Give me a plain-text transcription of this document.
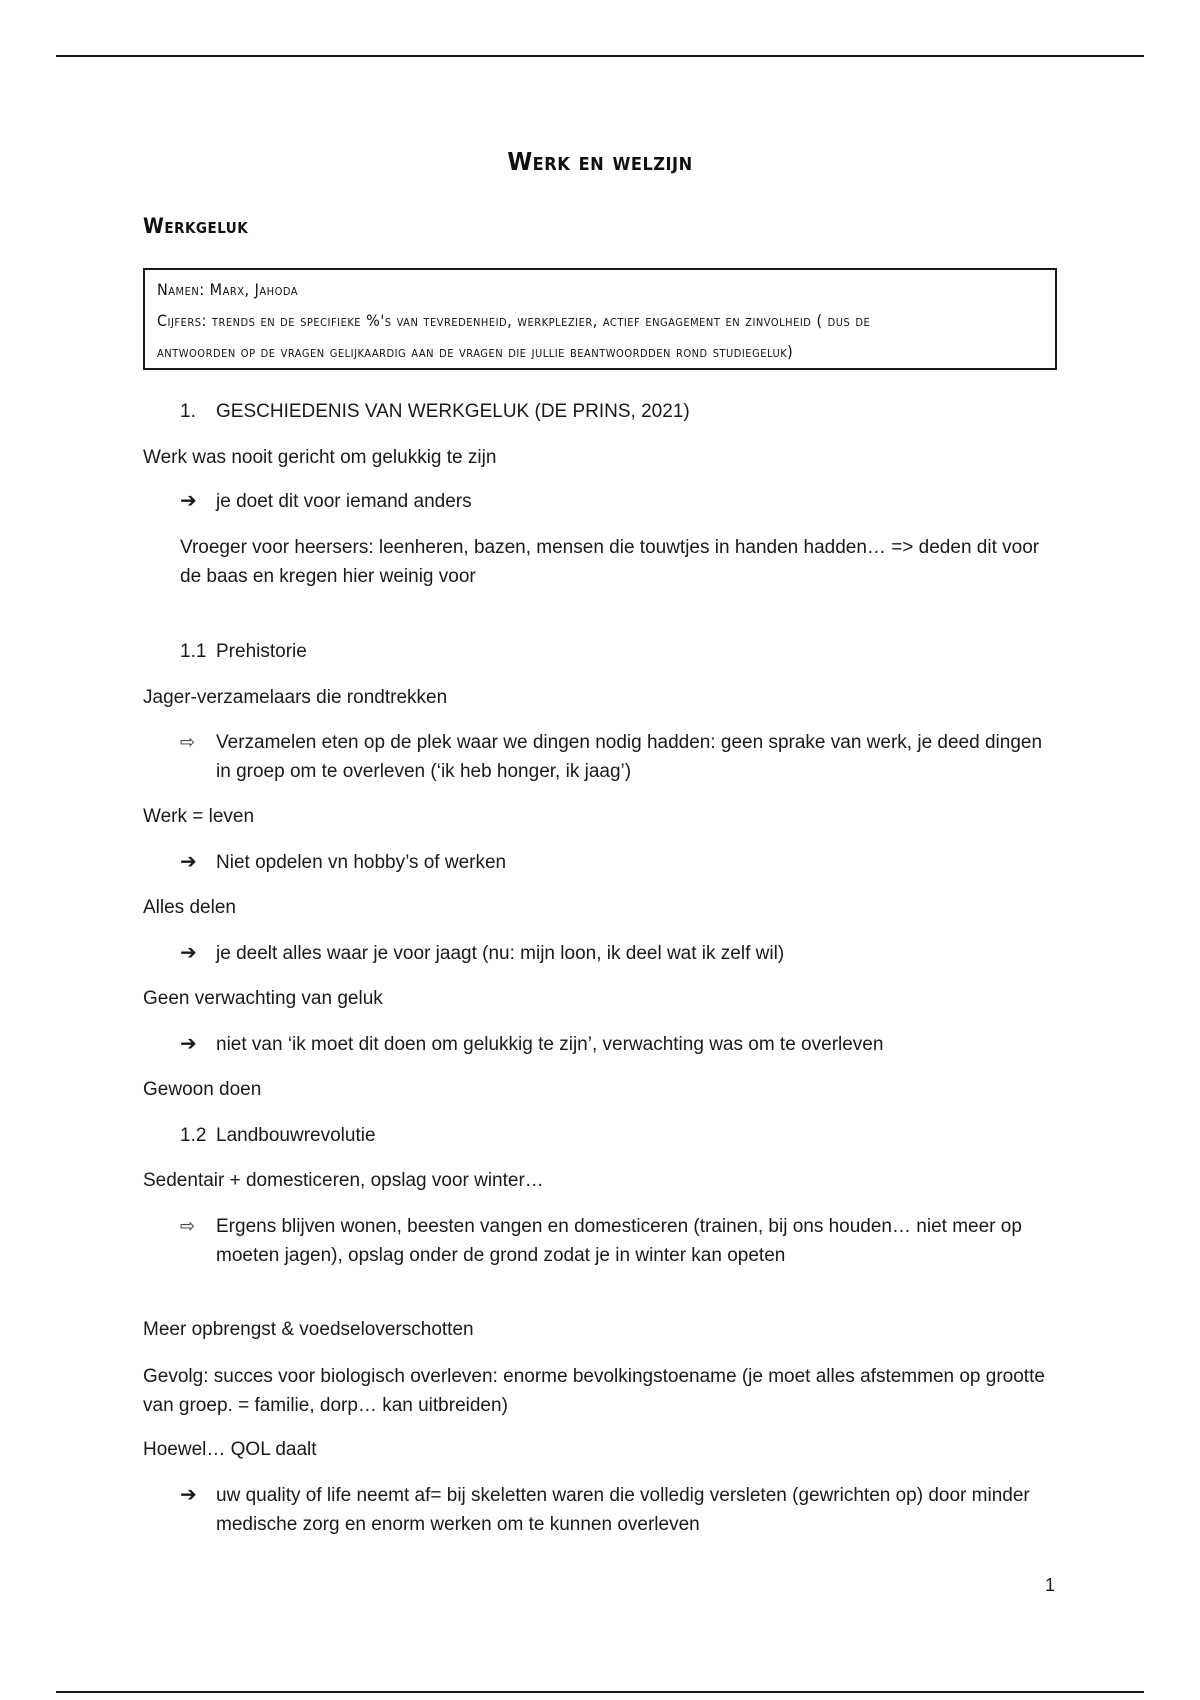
Werk en welzijn
Werkgeluk
Namen: Marx, Jahoda
Cijfers: trends en de specifieke %'s van tevredenheid, werkplezier, actief engagement en zinvolheid ( dus de
antwoorden op de vragen gelijkaardig aan de vragen die jullie beantwoordden rond studiegeluk)
1. GESCHIEDENIS VAN WERKGELUK (DE PRINS, 2021)
Werk was nooit gericht om gelukkig te zijn
➔ je doet dit voor iemand anders
Vroeger voor heersers: leenheren, bazen, mensen die touwtjes in handen hadden… => deden dit voor de baas en kregen hier weinig voor
1.1 Prehistorie
Jager-verzamelaars die rondtrekken
⇨ Verzamelen eten op de plek waar we dingen nodig hadden: geen sprake van werk, je deed dingen in groep om te overleven (‘ik heb honger, ik jaag’)
Werk = leven
➔ Niet opdelen vn hobby’s of werken
Alles delen
➔ je deelt alles waar je voor jaagt (nu: mijn loon, ik deel wat ik zelf wil)
Geen verwachting van geluk
➔ niet van ‘ik moet dit doen om gelukkig te zijn’, verwachting was om te overleven
Gewoon doen
1.2 Landbouwrevolutie
Sedentair + domesticeren, opslag voor winter…
⇨ Ergens blijven wonen, beesten vangen en domesticeren (trainen, bij ons houden… niet meer op moeten jagen), opslag onder de grond zodat je in winter kan opeten
Meer opbrengst & voedseloverschotten
Gevolg: succes voor biologisch overleven: enorme bevolkingstoename (je moet alles afstemmen op grootte van groep. = familie, dorp… kan uitbreiden)
Hoewel… QOL daalt
➔ uw quality of life neemt af= bij skeletten waren die volledig versleten (gewrichten op) door minder medische zorg en enorm werken om te kunnen overleven
1
